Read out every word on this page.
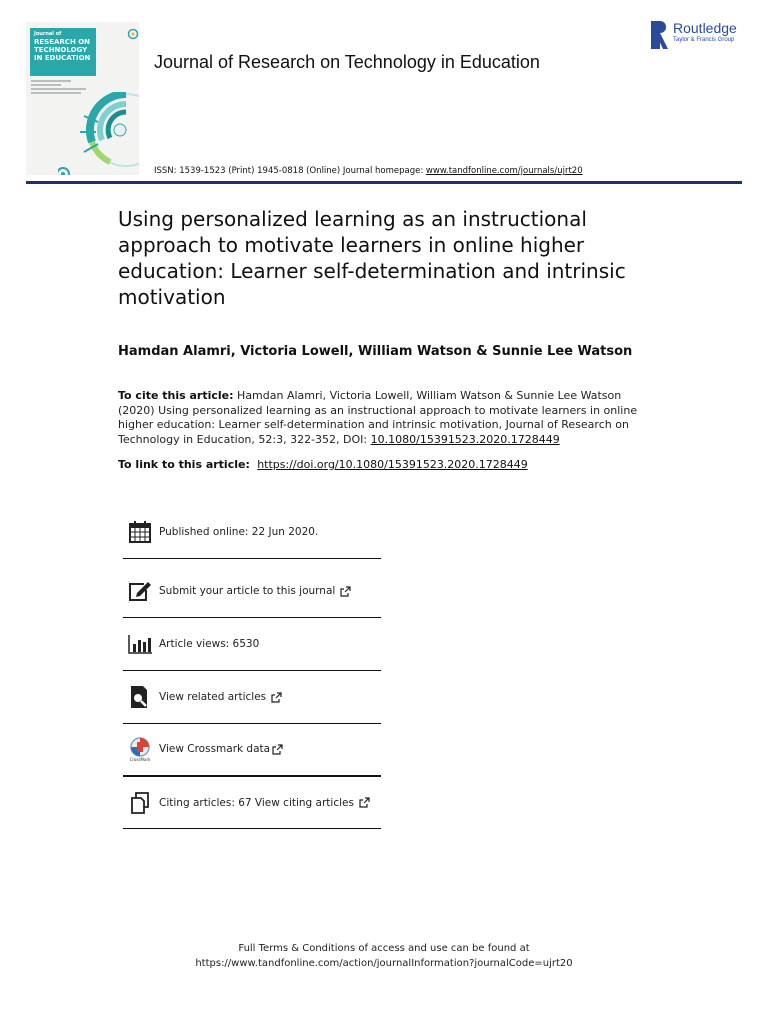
Journal of
RESEARCH ON
TECHNOLOGY
IN EDUCATION	Journal of Research on Technology in Education
Routledge
Taylor & Francis Group
ISSN: 1539-1523 (Print) 1945-0818 (Online) Journal homepage: www.tandfonline.com/journals/ujrt20
Using personalized learning as an instructional approach to motivate learners in online higher education: Learner self-determination and intrinsic motivation
Hamdan Alamri, Victoria Lowell, William Watson & Sunnie Lee Watson
To cite this article: Hamdan Alamri, Victoria Lowell, William Watson & Sunnie Lee Watson (2020) Using personalized learning as an instructional approach to motivate learners in online higher education: Learner self-determination and intrinsic motivation, Journal of Research on Technology in Education, 52:3, 322-352, DOI: 10.1080/15391523.2020.1728449
To link to this article:  https://doi.org/10.1080/15391523.2020.1728449
Published online: 22 Jun 2020.
Submit your article to this journal
Article views: 6530
View related articles
CrossMark
View Crossmark data
Citing articles: 67 View citing articles
Full Terms & Conditions of access and use can be found at
https://www.tandfonline.com/action/journalInformation?journalCode=ujrt20
